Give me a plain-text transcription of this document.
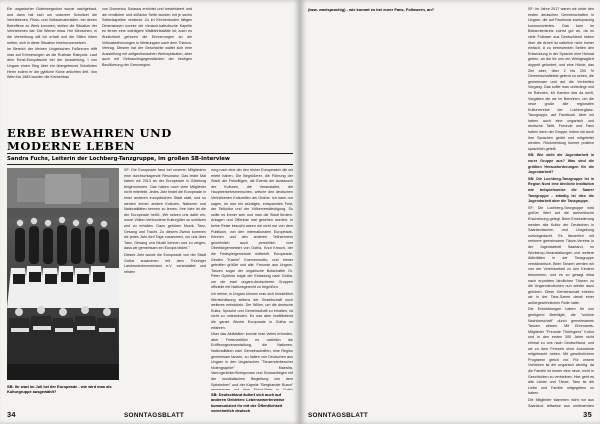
Ein ungarischer Gutenwegsdorn wurde nachgebaut, und dann hat sich um unsereer Schnitzel die Vertriebenen, Flüss- und Volkscimaterialien, bei denen Betreffene zu Werk kommen, stellen die Situation der Vertriebenen dar. Die Wiener etwa. Hm Menschen, in die Vertreibung will ich erhalt und die Sitten hiben nether, sich in diese Situation hineinzuversetzen.

Im Bereich der kleinen Ungarischen Fußtreuen trifft man auf Erinnerungen an die Ruebsle Rainpold. Laut dem Ernst-Europäische bei der Ausstellung, I von Ungarn einen Sieg über ein übergetreues Schellsten Herrn indem er die gybliche Kiche anlichten lielt. Von Wien bis 1683 wurden die Kirchenbau

von Domenico Solassa errichtet und bestelsteert und die rendlicher und süßliche Seite wurden mit je sechs Seitenkapellen verdeckt. Zu im Kirchenboden tätigen Dimensionen konnte die römisch-katholische Kapelle es ferner eine wichtigere Wallfahrtsstätte ist, auch es Ähnlichkeit gehoren die Erinnerungen an die Volksabstimmungen in Westungarn nach dem Trianon-Vertrag. Diesem hat der Geschichte waltet sich eine Ausstellung mit zeitgenössischen Werbeplakaten, aber auch mit Gebrauchsgegenständen der heutigen Bevölkerung der Grenzregion.

ERBE BEWAHREN UND MODERNE LEBEN
Sandra Fuchs, Leiterin der Lochberg-Tanzgruppe, im großen SB-Interview

SB: Ihr wart im Juli bei der Europeade - wie wird man als Kulturgruppe ausgewählt?

SF: Die Europeade fand bei unseren Mitgliedern eine durchschlagende Resonanz. Das letzte Mal haben wir 2013 an der Europeade in Göteborg teilgenommen. Das haben noch viele Mitglieder nicht miterlebt. Jedes Jahr findet die Europeade in einer anderen europäischen Stadt statt, und so werden immer andere Kulturen, Nationen und Nationalitäten kennen zu lernen. Ihre Idee ist die der Europeade heißt: „Wir setzen uns dafür ein, unsre Völker-Verbundene Kulturgüter zu schützen und zu erhalten. Dazu gehören Musik, Tanz, Gesang und Tracht. Zu diesem Zweck kommen wir jedes Jahr fünf Tage zusammen, um uns über Tanz, Gesang und Musik kennen und zu zeigen, dass wir gemeinsam ein Europa bilden."

Dieses Jahr wurde die Europeade von der Stadt Gotha zusammen mit dem Thüringer Landesstrohneverband e.V. veranstaltet und reisten

rung nach eine der den bisher Europeaden die wir erlebt haben. Die Begrüßerer, die Führung der Stadt, die Freiwilligen, die Events der Austausch der Kulturen, die Veranstalter, die Hauptverkehrsmenschen, welche den deutschen Vertriebenen Kulturellen als Ordner. Ich kann nur sagen, es war ein würdiges, entspanntes Fest, der Teilkultur und der Völkerverständigung. So sollte es immer sein und man die Stadt fördern. Anlagen und Offenbar mal gesehen worden. In keine Reise besucht waren wir nicht nur von dem Publikum, von den internationalen Europeade-Kennen und den anderen Teilnehmern gewöhnlich auch persönlich vom Oberbürgermeister von Gotha, Knut Kreuch, der die Festspielgemeinde mitbehilt. Europeade-Gesten "Kamin" Kuerxenmotto, und immer getroffen grüßte und alle. Freunde aus Ungarn. Tanzen sogar der ungarische Botschafter Dr. Péter Györkös folgte der Einladung nach Gotha, um die zwei ungarn-deutscheren Gruppen offizielle mit Nationsgerecht zu begrüßen.

Ich meine, in Ungarn können man sich hinsichtlich Wertschätzung seitens der Gesellschaft noch weiteres entwickeln. Der Willen, um die deutsche Kultur, Sprache und Gemeinschaft zu erhalten, ist nicht zu unterwinden. Es war aber kraftfärbend die ganze Woche Europeade in Gotha zu erfahren.

Über das Aktivitäten konnte man vieles erfunden, aber Freienzeitlich es natürlich die Eröffnungsveranstaltung, die Nationen, Nationalitäten oder Gemeinschaften, eine Region gemeinsam tanzen, zu halten von Deutschen aus Ungarn in den Ungarischen "Tanzenderbescher Notengraphie" Maestra, Vanrogsrichter/Kreisprosse und Schwanbirgen mit der musikalischen Begleitung von dem Spitzbuben" und der Kapelle "Bergbander Buam"

SB: Deutschland äußert sich auch auf anderen Gebieten: Lebensewerterweise kommuniziert ihr mit der Öffentlichkeit vornehmlich deutsch

34	SONNTAGSBLATT

(bzw. zweisprachig) - wie kommt es bei eurer Fans, Followern, an?	SF: Im Jahre 2017 waren wir unter den ersten deutschen Gemeinschaften in Ungarn, die auf Facebook zweisprachig kommunizierten. Das kam im Bekanntenkreis zuerst gut an, da es viele Follower aus Deutschland haben über die Arbeit ist natürlich nicht immer einfach, 8 zu betreuenden Seiten den Entwicklung in der Sprache eine Heimat geben, an die für uns ein Wirklgeagliert doppelt gefordert, und eine Hürde, das Ziel aber, über 2 bis 200 % Gemeinschaftsfest gelernt zu sehen, die gemeinsam und auf die Verbreiten Vorgang. Das sollte man unbedingt und im Rahmen, Mr Kamine das da weiß, Vorgaben die wir im Bemühen, um die neue große alle regionalen Kulturvereine der Lochbergtanz-Tanzgruppe, auf Facebook. Aber wir haben auch eine ungarisch und deutsche Tafel, Freunde und Fans haben denn der Gruppe, indem sie auch ihre Sprachen geübt und mitgeleitet werden. Rückmeldung kommt positive sprachlich geteilt.

SB: Wie sieht die Jugendarbeit in eurer Gruppe aus? Was sind die größten Herausforderungen für die Jugendarbeit?

SB: Die Lochberg-Tanzgruppe ist in Region Nord eine ähnliche Institution wie beispielsweise die Saarer Tanzgruppe - ständig ist dies die Jugendarbeit aber die Tanzgruppe.

SF: Die Lochberg-Tanzgruppe wird größer Wert auf die authentische Erscheinung gelegt. Beim Einstudierung werden alle Kultur der Deutschen in Saarlandischen und Umgebung zurückgedacht. Es tänzerlich mit mehrere gemeinsame Tänze-Vereine in der Jugendarbeit Saarland, es Workshop-Veranstaltungen und weitere Aktivitäten in der Tanzgruppe verständnisch. Beim Tanzen werden wir von der Vereinsarbeit zu den Kindern bekommen, und es so gesagt etwa nach erprobten ländlichen Tänzen zu die Ungarndeutschen nun wieder dazu gehören. Diese Gemeinschaft erleben wir in der Tanz-Szene damit einer außergewöhnlichen Rolle hatte.

Die Entwicklungen haben für uns genügend Beteiligte, die "schöne Nachbarschaft" durch gemeinsames Tanzen wissen. Mit Ehrenamts-Mitglieder "Freunde Thüringens" Kultur und in den ersten 300 Jahre nicht einmal zu uns nach Deutschland, und wir zu dem Fernseh ohne Ausnahme mitgebracht haben. Mit gewöhnlichem Programm gleich vor. Für unsere Vorfahren ist der ungarisch wichtig, da die Familie ist immer eine neue, nicht in Geschichten zu verbleiben. Hier geht es alte Lieder und Tänze, Tanz ist die Liebe und Familie mitgegeben zu haben.

Die Mitglieder stammen nicht nur aus Saarland, teilweise aus umliegenden

SONNTAGSBLATT	35
